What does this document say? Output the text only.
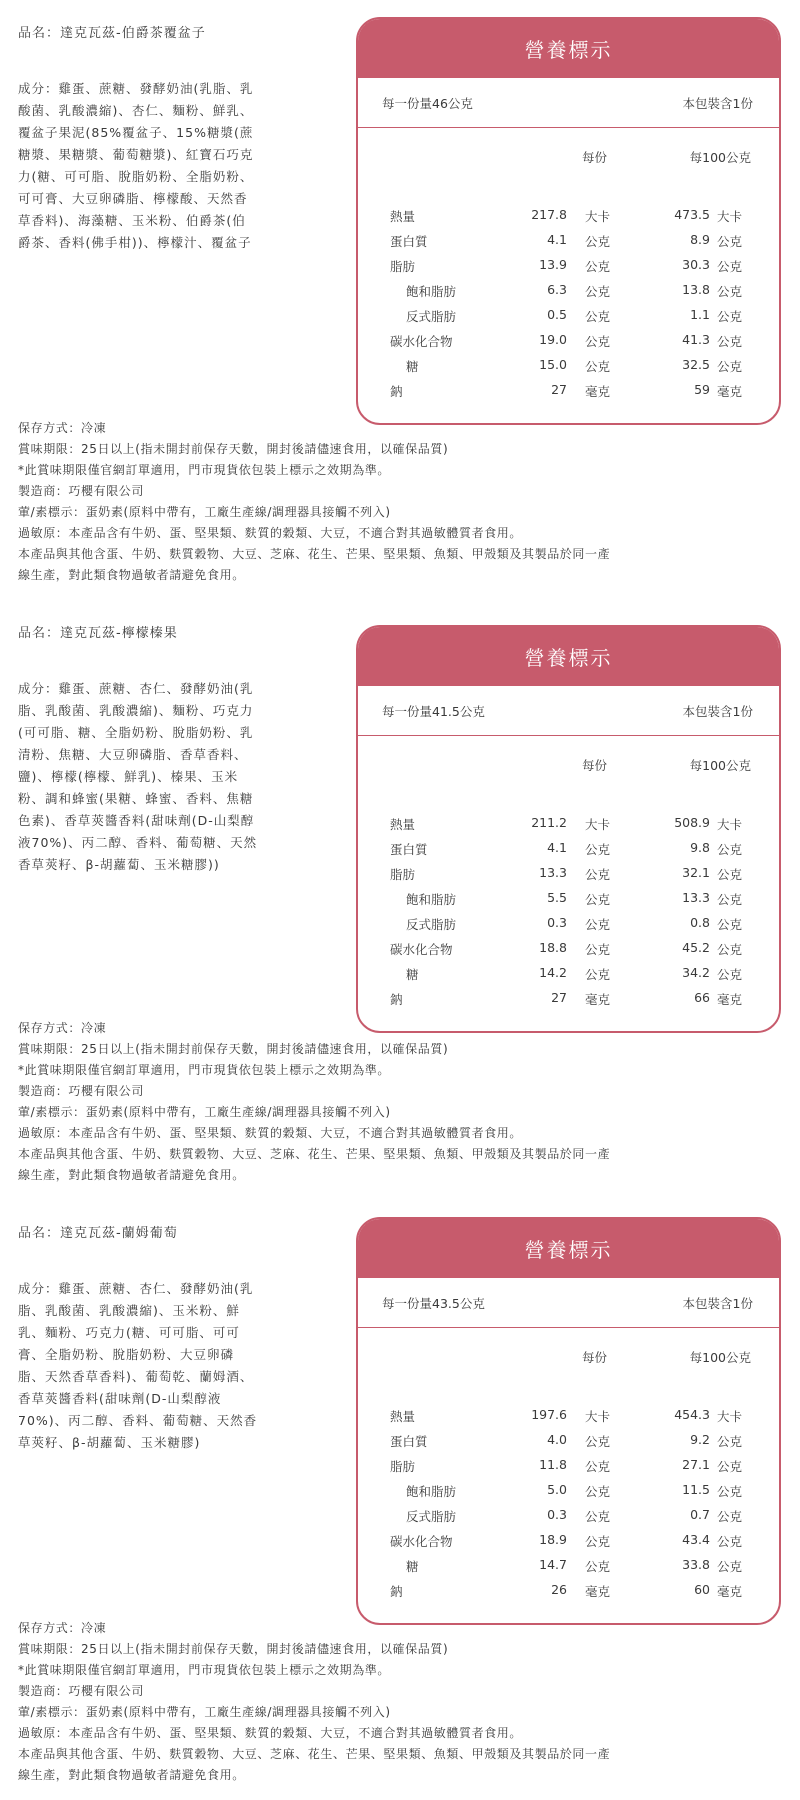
品名：達克瓦茲-伯爵茶覆盆子
成分：雞蛋、蔗糖、發酵奶油(乳脂、乳酸菌、乳酸濃縮)、杏仁、麵粉、鮮乳、覆盆子果泥(85%覆盆子、15%糖漿(蔗糖漿、果糖漿、葡萄糖漿)、紅寶石巧克力(糖、可可脂、脫脂奶粉、全脂奶粉、可可膏、大豆卵磷脂、檸檬酸、天然香草香料)、海藻糖、玉米粉、伯爵茶(伯爵茶、香料(佛手柑))、檸檬汁、覆盆子
營養標示
每一份量46公克	本包裝含1份
每份	每100公克
熱量	217.8 大卡	473.5 大卡
蛋白質	4.1 公克	8.9 公克
脂肪	13.9 公克	30.3 公克
飽和脂肪	6.3 公克	13.8 公克
反式脂肪	0.5 公克	1.1 公克
碳水化合物	19.0 公克	41.3 公克
糖	15.0 公克	32.5 公克
鈉	27 毫克	59 毫克
保存方式：冷凍
賞味期限：25日以上(指未開封前保存天數，開封後請儘速食用，以確保品質)
*此賞味期限僅官網訂單適用，門市現貨依包裝上標示之效期為準。
製造商：巧櫻有限公司
葷/素標示：蛋奶素(原料中帶有，工廠生產線/調理器具接觸不列入)
過敏原：本產品含有牛奶、蛋、堅果類、麩質的穀類、大豆，不適合對其過敏體質者食用。
本產品與其他含蛋、牛奶、麩質穀物、大豆、芝麻、花生、芒果、堅果類、魚類、甲殼類及其製品於同一產
線生產，對此類食物過敏者請避免食用。
品名：達克瓦茲-檸檬榛果
成分：雞蛋、蔗糖、杏仁、發酵奶油(乳脂、乳酸菌、乳酸濃縮)、麵粉、巧克力(可可脂、糖、全脂奶粉、脫脂奶粉、乳清粉、焦糖、大豆卵磷脂、香草香料、鹽)、檸檬(檸檬、鮮乳)、榛果、玉米粉、調和蜂蜜(果糖、蜂蜜、香料、焦糖色素)、香草莢醬香料(甜味劑(D-山梨醇液70%)、丙二醇、香料、葡萄糖、天然香草莢籽、β-胡蘿蔔、玉米糖膠))
營養標示
每一份量41.5公克	本包裝含1份
每份	每100公克
熱量	211.2 大卡	508.9 大卡
蛋白質	4.1 公克	9.8 公克
脂肪	13.3 公克	32.1 公克
飽和脂肪	5.5 公克	13.3 公克
反式脂肪	0.3 公克	0.8 公克
碳水化合物	18.8 公克	45.2 公克
糖	14.2 公克	34.2 公克
鈉	27 毫克	66 毫克
保存方式：冷凍
賞味期限：25日以上(指未開封前保存天數，開封後請儘速食用，以確保品質)
*此賞味期限僅官網訂單適用，門市現貨依包裝上標示之效期為準。
製造商：巧櫻有限公司
葷/素標示：蛋奶素(原料中帶有，工廠生產線/調理器具接觸不列入)
過敏原：本產品含有牛奶、蛋、堅果類、麩質的穀類、大豆，不適合對其過敏體質者食用。
本產品與其他含蛋、牛奶、麩質穀物、大豆、芝麻、花生、芒果、堅果類、魚類、甲殼類及其製品於同一產
線生產，對此類食物過敏者請避免食用。
品名：達克瓦茲-蘭姆葡萄
成分：雞蛋、蔗糖、杏仁、發酵奶油(乳脂、乳酸菌、乳酸濃縮)、玉米粉、鮮乳、麵粉、巧克力(糖、可可脂、可可膏、全脂奶粉、脫脂奶粉、大豆卵磷脂、天然香草香料)、葡萄乾、蘭姆酒、香草莢醬香料(甜味劑(D-山梨醇液70%)、丙二醇、香料、葡萄糖、天然香草莢籽、β-胡蘿蔔、玉米糖膠)
營養標示
每一份量43.5公克	本包裝含1份
每份	每100公克
熱量	197.6 大卡	454.3 大卡
蛋白質	4.0 公克	9.2 公克
脂肪	11.8 公克	27.1 公克
飽和脂肪	5.0 公克	11.5 公克
反式脂肪	0.3 公克	0.7 公克
碳水化合物	18.9 公克	43.4 公克
糖	14.7 公克	33.8 公克
鈉	26 毫克	60 毫克
保存方式：冷凍
賞味期限：25日以上(指未開封前保存天數，開封後請儘速食用，以確保品質)
*此賞味期限僅官網訂單適用，門市現貨依包裝上標示之效期為準。
製造商：巧櫻有限公司
葷/素標示：蛋奶素(原料中帶有，工廠生產線/調理器具接觸不列入)
過敏原：本產品含有牛奶、蛋、堅果類、麩質的穀類、大豆，不適合對其過敏體質者食用。
本產品與其他含蛋、牛奶、麩質穀物、大豆、芝麻、花生、芒果、堅果類、魚類、甲殼類及其製品於同一產
線生產，對此類食物過敏者請避免食用。
